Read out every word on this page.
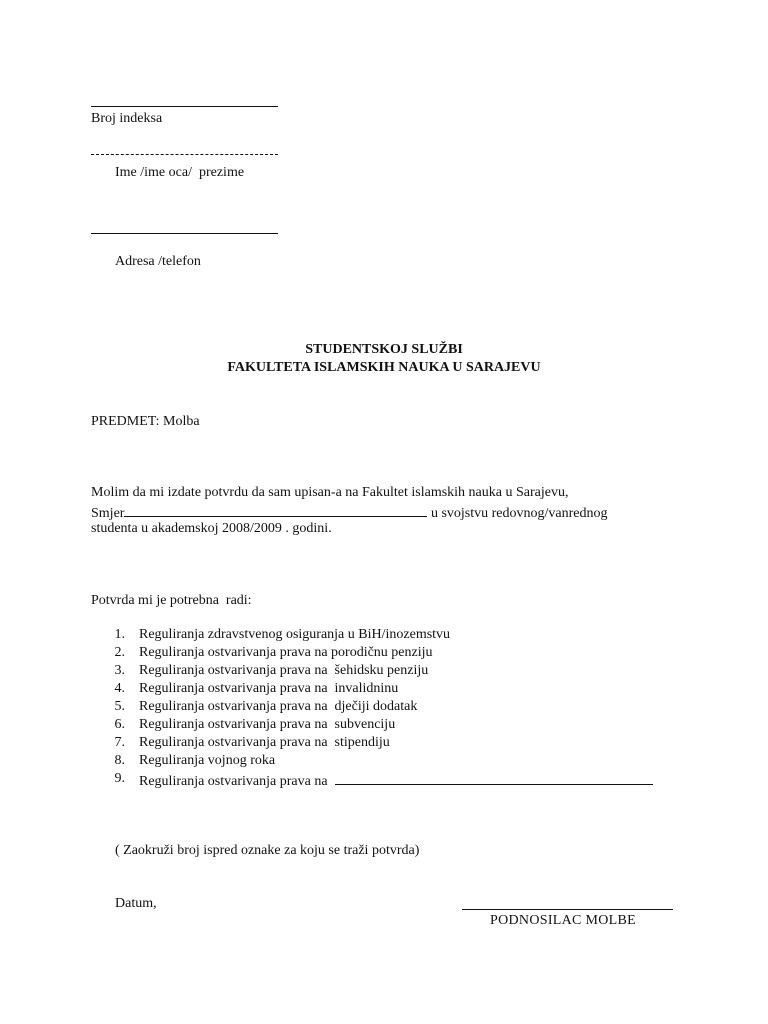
Broj indeksa
Ime /ime oca/  prezime
Adresa /telefon
STUDENTSKOJ SLUŽBI
FAKULTETA ISLAMSKIH NAUKA U SARAJEVU
PREDMET: Molba
Molim da mi izdate potvrdu da sam upisan-a na Fakultet islamskih nauka u Sarajevu,
Smjer	u svojstvu redovnog/vanrednog
studenta u akademskoj 2008/2009 . godini.
Potvrda mi je potrebna  radi:
1. Reguliranja zdravstvenog osiguranja u BiH/inozemstvu
2. Reguliranja ostvarivanja prava na porodičnu penziju
3. Reguliranja ostvarivanja prava na  šehidsku penziju
4. Reguliranja ostvarivanja prava na  invalidninu
5. Reguliranja ostvarivanja prava na  dječiji dodatak
6. Reguliranja ostvarivanja prava na  subvenciju
7. Reguliranja ostvarivanja prava na  stipendiju
8. Reguliranja vojnog roka
9. Reguliranja ostvarivanja prava na
( Zaokruži broj ispred oznake za koju se traži potvrda)
Datum,
PODNOSILAC MOLBE
